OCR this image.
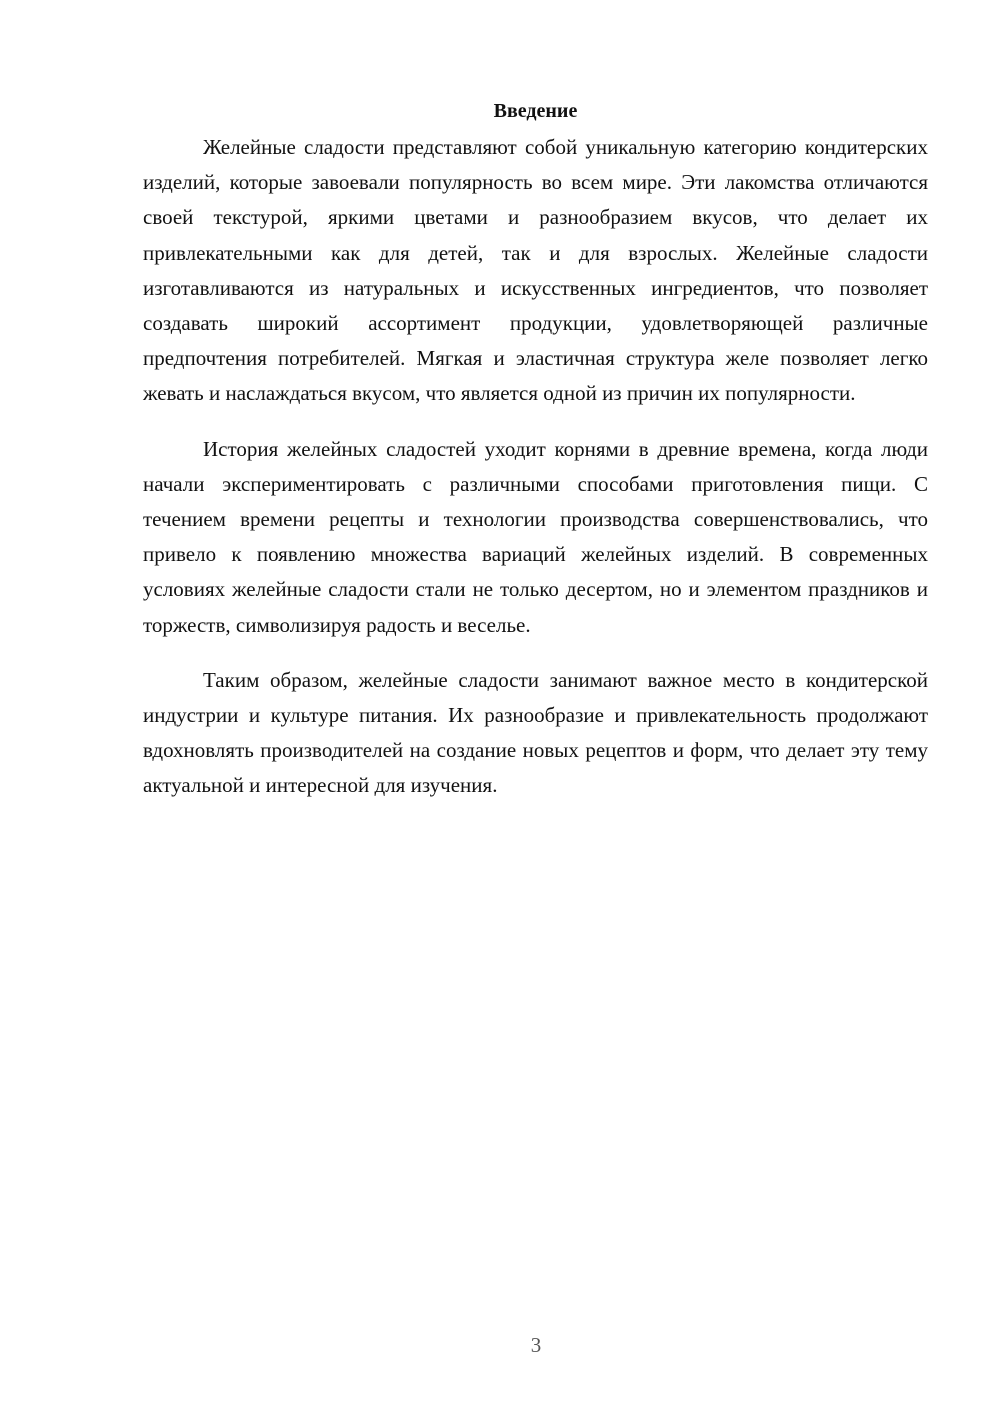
Введение

Желейные сладости представляют собой уникальную категорию кондитерских изделий, которые завоевали популярность во всем мире. Эти лакомства отличаются своей текстурой, яркими цветами и разнообразием вкусов, что делает их привлекательными как для детей, так и для взрослых. Желейные сладости изготавливаются из натуральных и искусственных ингредиентов, что позволяет создавать широкий ассортимент продукции, удовлетворяющей различные предпочтения потребителей. Мягкая и эластичная структура желе позволяет легко жевать и наслаждаться вкусом, что является одной из причин их популярности.

История желейных сладостей уходит корнями в древние времена, когда люди начали экспериментировать с различными способами приготовления пищи. С течением времени рецепты и технологии производства совершенствовались, что привело к появлению множества вариаций желейных изделий. В современных условиях желейные сладости стали не только десертом, но и элементом праздников и торжеств, символизируя радость и веселье.

Таким образом, желейные сладости занимают важное место в кондитерской индустрии и культуре питания. Их разнообразие и привлекательность продолжают вдохновлять производителей на создание новых рецептов и форм, что делает эту тему актуальной и интересной для изучения.

3
